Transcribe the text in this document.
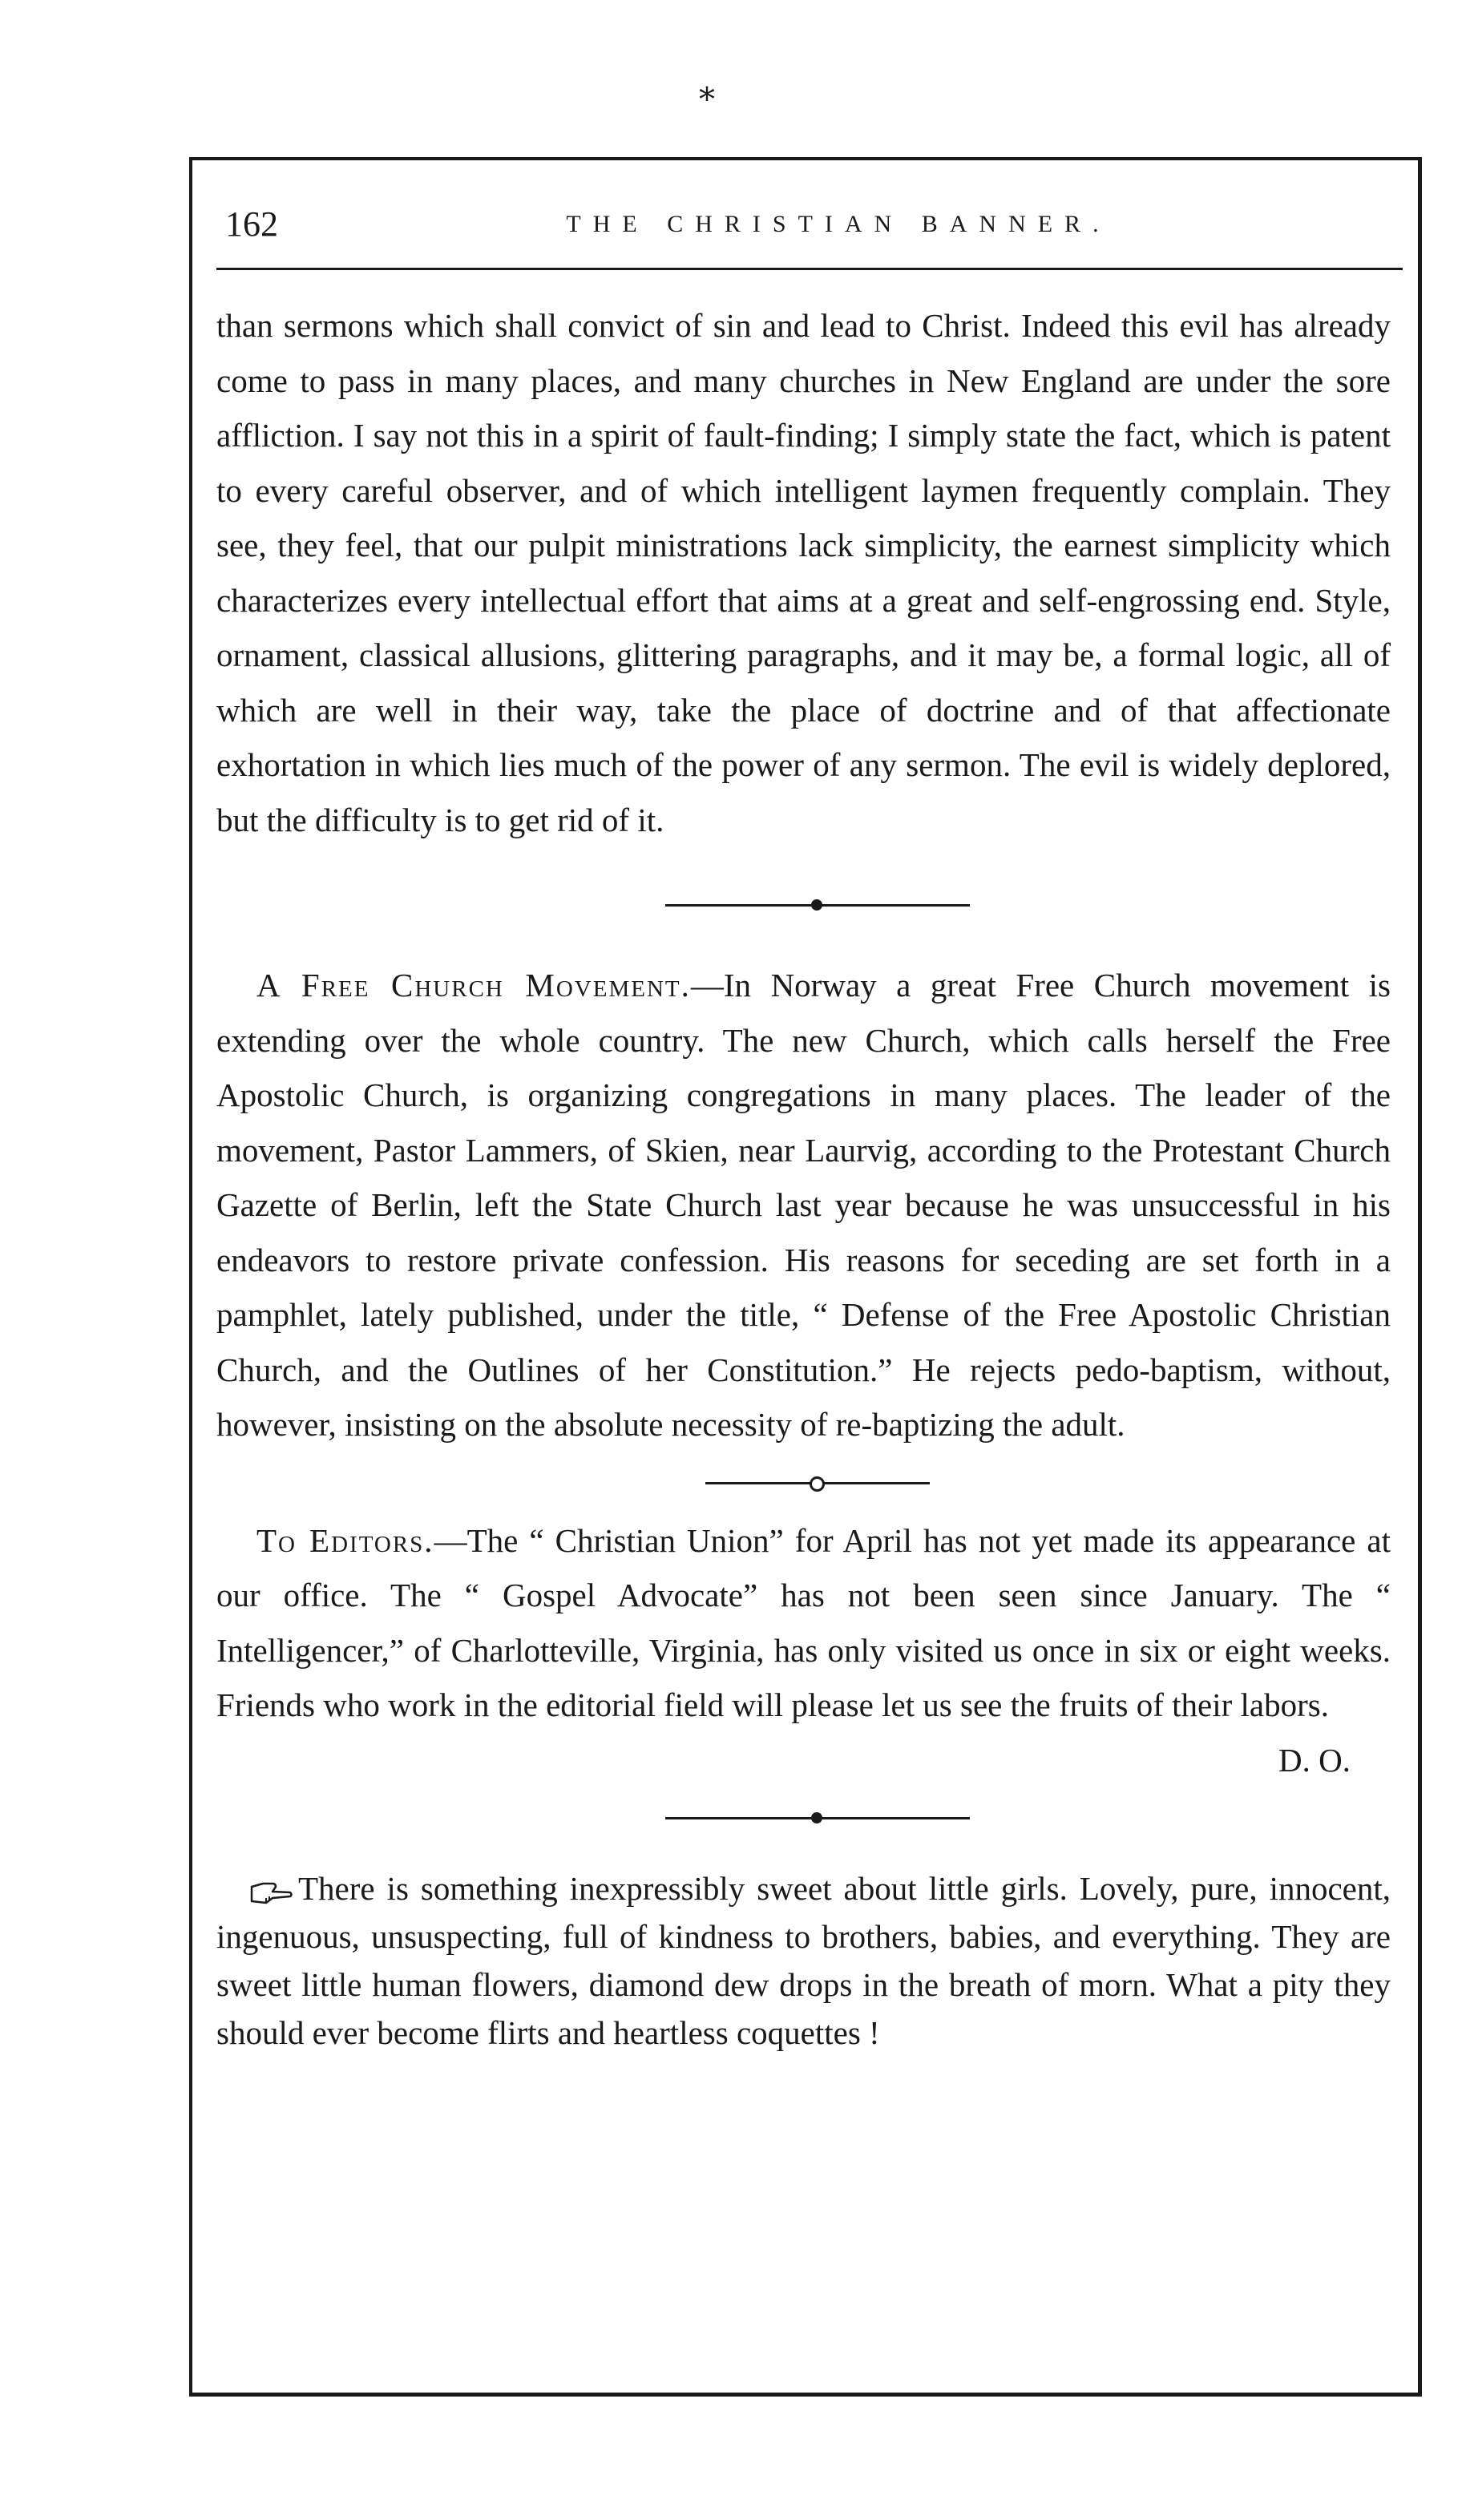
⁎
162	THE CHRISTIAN BANNER.

than sermons which shall convict of sin and lead to Christ. Indeed this evil has already come to pass in many places, and many churches in New England are under the sore affliction. I say not this in a spirit of fault-finding; I simply state the fact, which is patent to every careful observer, and of which intelligent laymen frequently complain. They see, they feel, that our pulpit ministrations lack simplicity, the earnest simplicity which characterizes every intellectual effort that aims at a great and self-engrossing end. Style, ornament, classical allusions, glittering paragraphs, and it may be, a formal logic, all of which are well in their way, take the place of doctrine and of that affectionate exhortation in which lies much of the power of any sermon. The evil is widely deplored, but the difficulty is to get rid of it.

A Free Church Movement.—In Norway a great Free Church movement is extending over the whole country. The new Church, which calls herself the Free Apostolic Church, is organizing congregations in many places. The leader of the movement, Pastor Lammers, of Skien, near Laurvig, according to the Protestant Church Gazette of Berlin, left the State Church last year because he was unsuccessful in his endeavors to restore private confession. His reasons for seceding are set forth in a pamphlet, lately published, under the title, “ Defense of the Free Apostolic Christian Church, and the Outlines of her Constitution.” He rejects pedo-baptism, without, however, insisting on the absolute necessity of re-baptizing the adult.

To Editors.—The “ Christian Union” for April has not yet made its appearance at our office. The “ Gospel Advocate” has not been seen since January. The “ Intelligencer,” of Charlotteville, Virginia, has only visited us once in six or eight weeks. Friends who work in the editorial field will please let us see the fruits of their labors.

D. O.

There is something inexpressibly sweet about little girls. Lovely, pure, innocent, ingenuous, unsuspecting, full of kindness to brothers, babies, and everything. They are sweet little human flowers, diamond dew drops in the breath of morn. What a pity they should ever become flirts and heartless coquettes !
